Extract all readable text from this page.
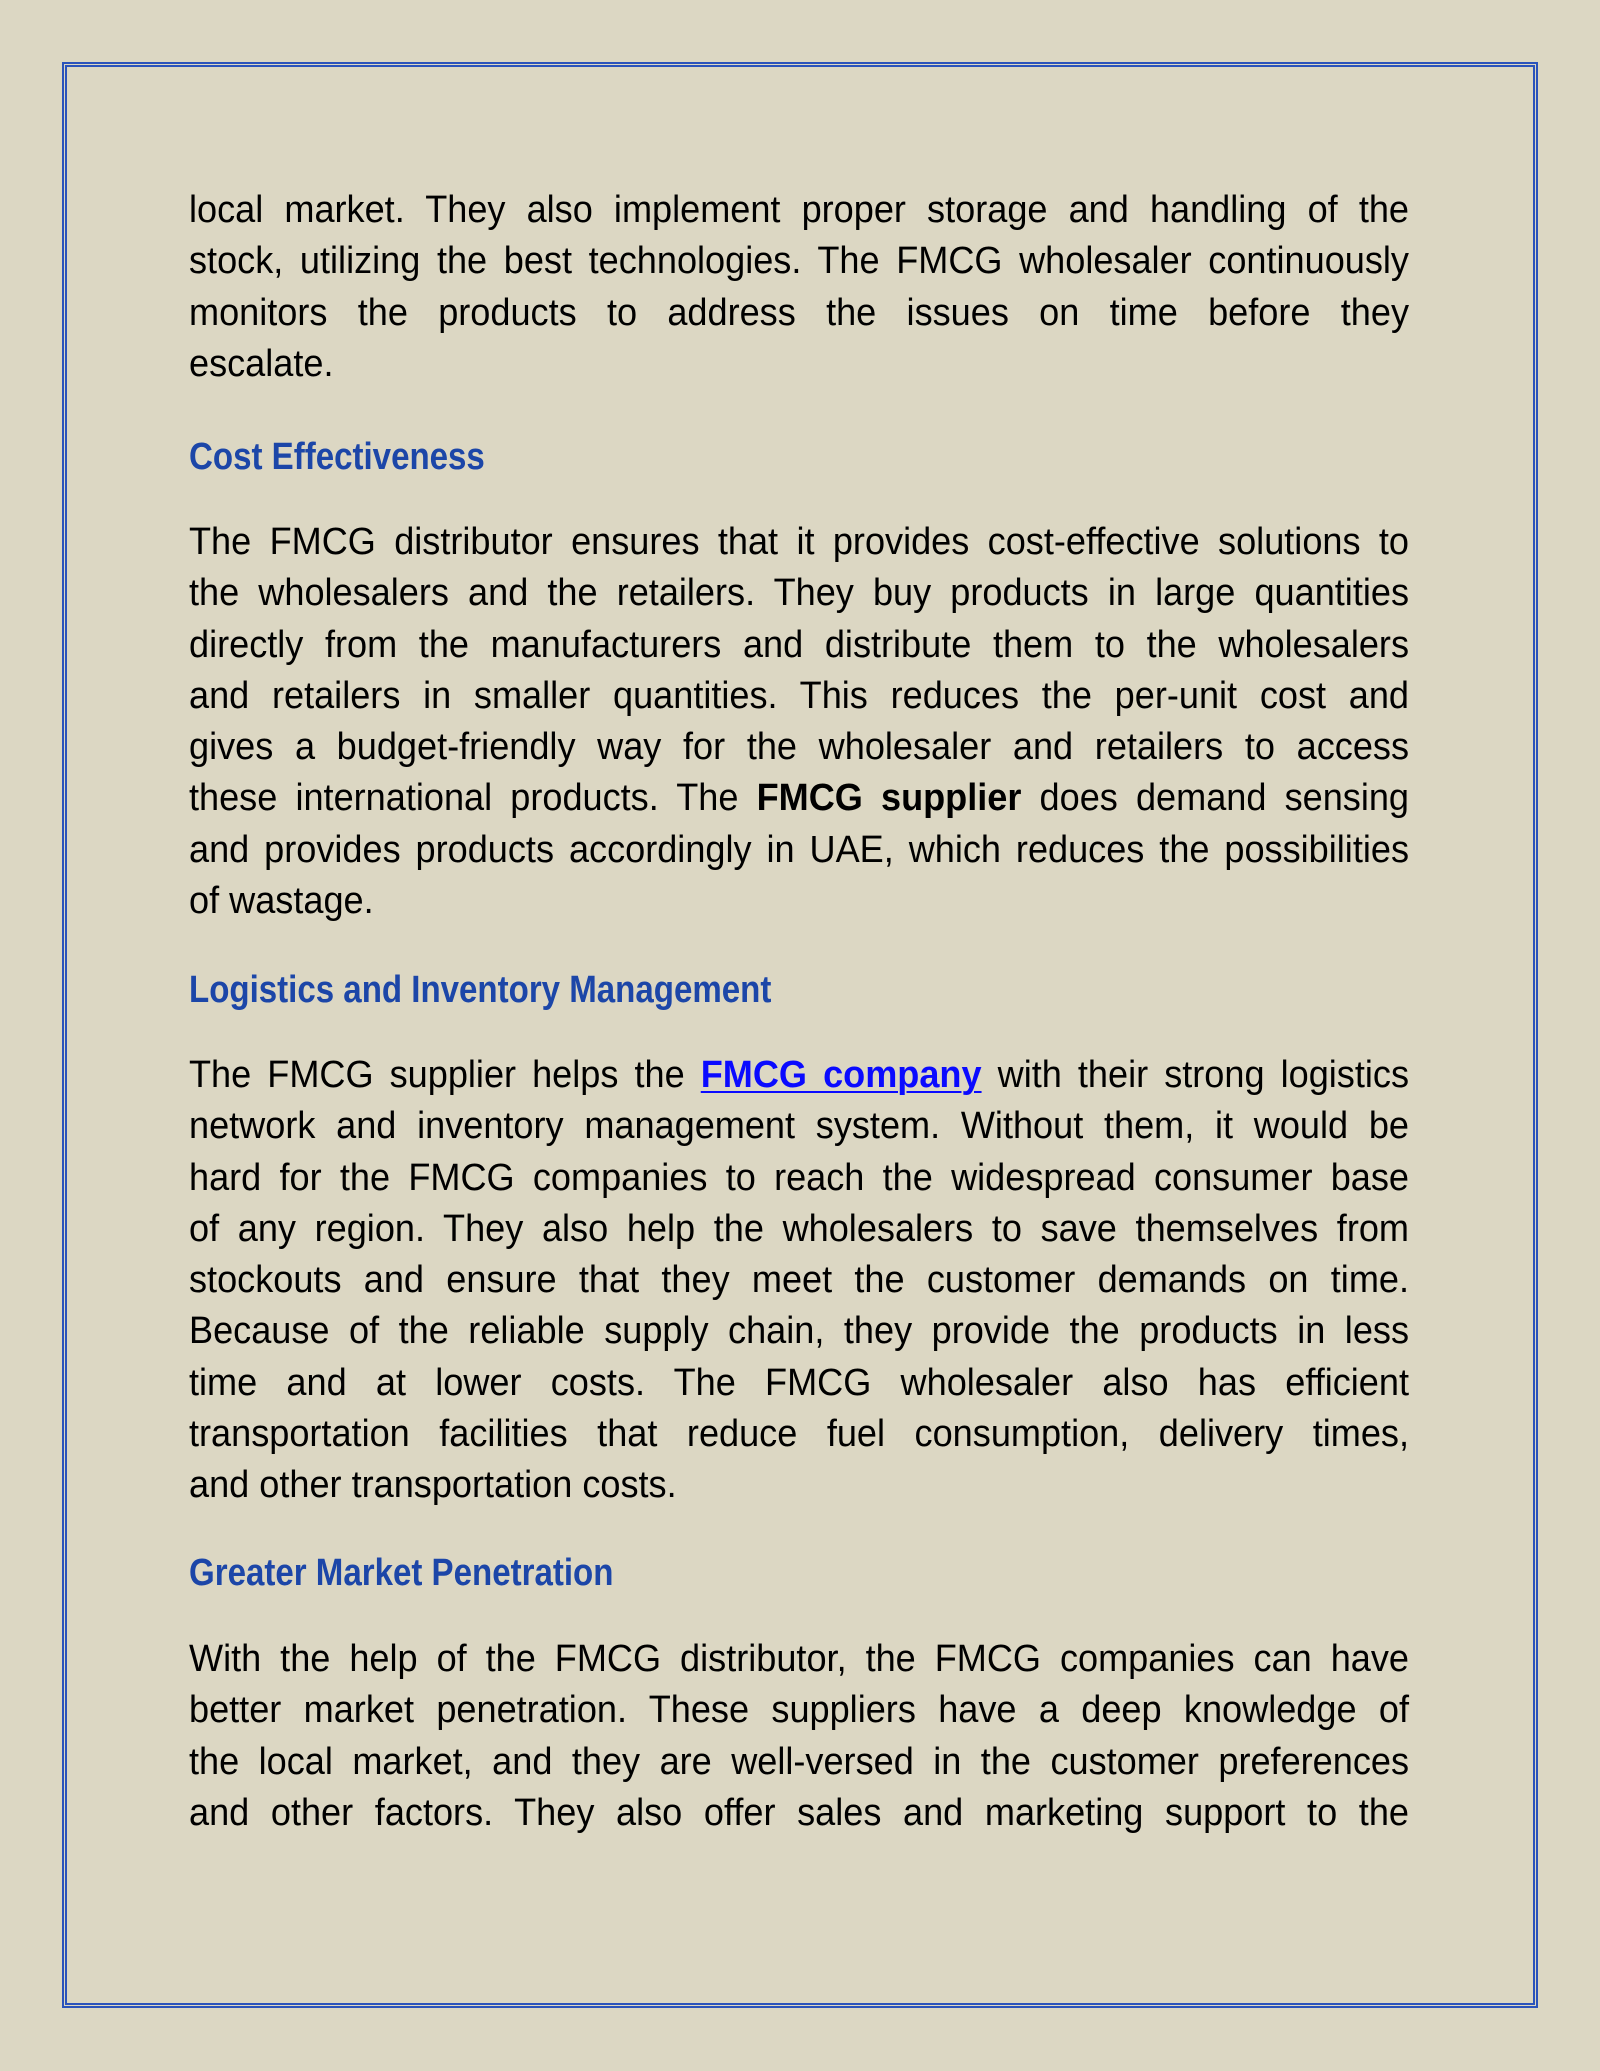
local market. They also implement proper storage and handling of the
stock, utilizing the best technologies. The FMCG wholesaler continuously
monitors the products to address the issues on time before they
escalate.
Cost Effectiveness
The FMCG distributor ensures that it provides cost-effective solutions to
the wholesalers and the retailers. They buy products in large quantities
directly from the manufacturers and distribute them to the wholesalers
and retailers in smaller quantities. This reduces the per-unit cost and
gives a budget-friendly way for the wholesaler and retailers to access
these international products. The FMCG supplier does demand sensing
and provides products accordingly in UAE, which reduces the possibilities
of wastage.
Logistics and Inventory Management
The FMCG supplier helps the FMCG company with their strong logistics
network and inventory management system. Without them, it would be
hard for the FMCG companies to reach the widespread consumer base
of any region. They also help the wholesalers to save themselves from
stockouts and ensure that they meet the customer demands on time.
Because of the reliable supply chain, they provide the products in less
time and at lower costs. The FMCG wholesaler also has efficient
transportation facilities that reduce fuel consumption, delivery times,
and other transportation costs.
Greater Market Penetration
With the help of the FMCG distributor, the FMCG companies can have
better market penetration. These suppliers have a deep knowledge of
the local market, and they are well-versed in the customer preferences
and other factors. They also offer sales and marketing support to the
